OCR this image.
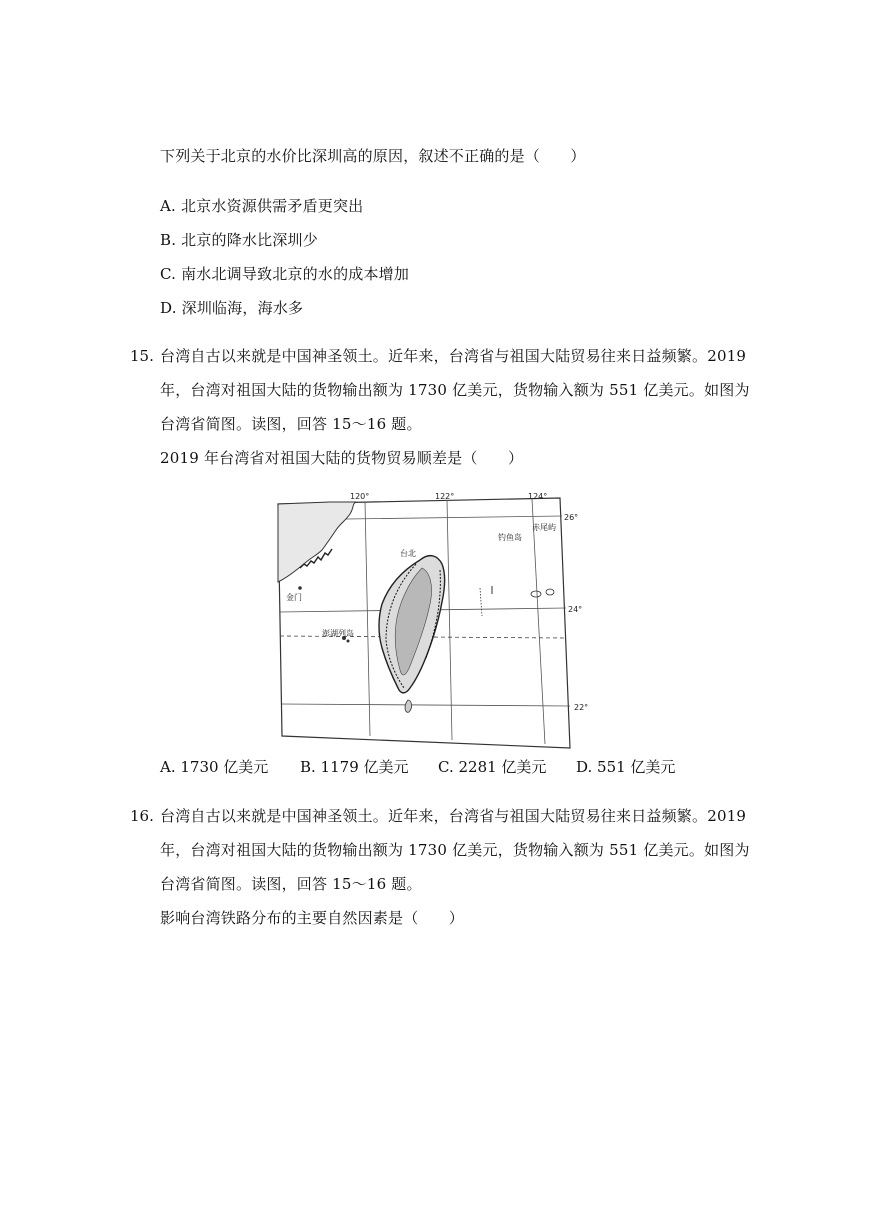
下列关于北京的水价比深圳高的原因，叙述不正确的是（　　）
A. 北京水资源供需矛盾更突出
B. 北京的降水比深圳少
C. 南水北调导致北京的水的成本增加
D. 深圳临海，海水多
15. 台湾自古以来就是中国神圣领土。近年来，台湾省与祖国大陆贸易往来日益频繁。2019
年，台湾对祖国大陆的货物输出额为 1730 亿美元，货物输入额为 551 亿美元。如图为
台湾省简图。读图，回答 15～16 题。
2019 年台湾省对祖国大陆的货物贸易顺差是（　　）
120°	122°	124°
26°
24°
22°
台北
钓鱼岛
赤尾屿
金门
澎湖列岛
A. 1730 亿美元 B. 1179 亿美元 C. 2281 亿美元 D. 551 亿美元
16. 台湾自古以来就是中国神圣领土。近年来，台湾省与祖国大陆贸易往来日益频繁。2019
年，台湾对祖国大陆的货物输出额为 1730 亿美元，货物输入额为 551 亿美元。如图为
台湾省简图。读图，回答 15～16 题。
影响台湾铁路分布的主要自然因素是（　　）
